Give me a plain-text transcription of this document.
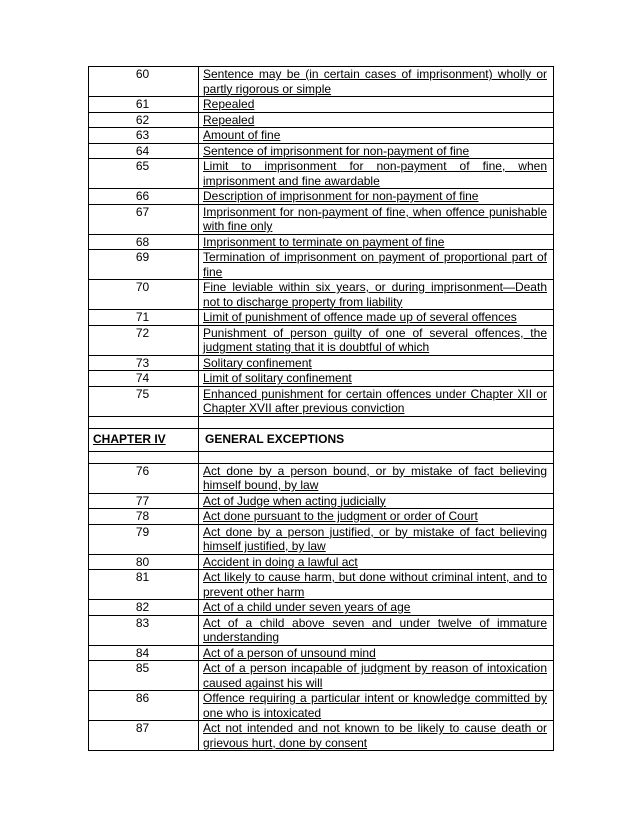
60	Sentence may be (in certain cases of imprisonment) wholly or partly rigorous or simple
61	Repealed
62	Repealed
63	Amount of fine
64	Sentence of imprisonment for non-payment of fine
65	Limit to imprisonment for non-payment of fine, when imprisonment and fine awardable
66	Description of imprisonment for non-payment of fine
67	Imprisonment for non-payment of fine, when offence punishable with fine only
68	Imprisonment to terminate on payment of fine
69	Termination of imprisonment on payment of proportional part of fine
70	Fine leviable within six years, or during imprisonment—Death not to discharge property from liability
71	Limit of punishment of offence made up of several offences
72	Punishment of person guilty of one of several offences, the judgment stating that it is doubtful of which
73	Solitary confinement
74	Limit of solitary confinement
75	Enhanced punishment for certain offences under Chapter XII or Chapter XVII after previous conviction

CHAPTER IV	GENERAL EXCEPTIONS

76	Act done by a person bound, or by mistake of fact believing himself bound, by law
77	Act of Judge when acting judicially
78	Act done pursuant to the judgment or order of Court
79	Act done by a person justified, or by mistake of fact believing himself justified, by law
80	Accident in doing a lawful act
81	Act likely to cause harm, but done without criminal intent, and to prevent other harm
82	Act of a child under seven years of age
83	Act of a child above seven and under twelve of immature understanding
84	Act of a person of unsound mind
85	Act of a person incapable of judgment by reason of intoxication caused against his will
86	Offence requiring a particular intent or knowledge committed by one who is intoxicated
87	Act not intended and not known to be likely to cause death or grievous hurt, done by consent
